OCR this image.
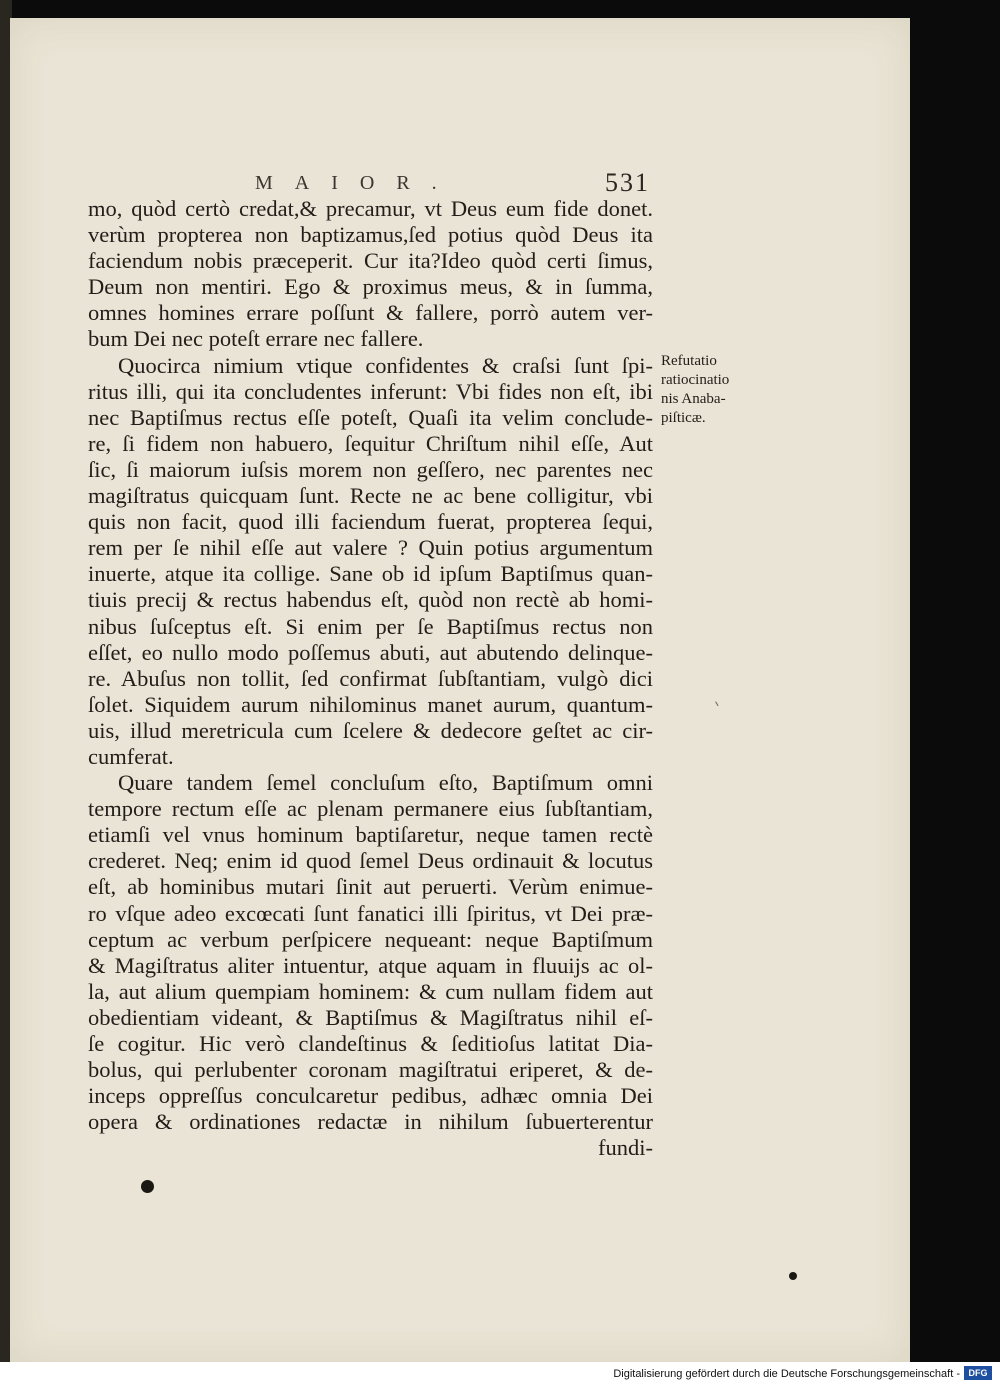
MAIOR.	531
mo, quòd certò credat,& precamur, vt Deus eum fide donet.
verùm propterea non baptizamus,ſed potius quòd Deus ita
faciendum nobis præceperit. Cur ita?Ideo quòd certi ſimus,
Deum non mentiri. Ego & proximus meus, & in ſumma,
omnes homines errare poſſunt & fallere, porrò autem ver-
bum Dei nec poteſt errare nec fallere.
Quocirca nimium vtique confidentes & craſsi ſunt ſpi-
ritus illi, qui ita concludentes inferunt: Vbi fides non eſt, ibi
nec Baptiſmus rectus eſſe poteſt, Quaſi ita velim conclude-
re, ſi fidem non habuero, ſequitur Chriſtum nihil eſſe, Aut
ſic, ſi maiorum iuſsis morem non geſſero, nec parentes nec
magiſtratus quicquam ſunt. Recte ne ac bene colligitur, vbi
quis non facit, quod illi faciendum fuerat, propterea ſequi,
rem per ſe nihil eſſe aut valere ? Quin potius argumentum
inuerte, atque ita collige. Sane ob id ipſum Baptiſmus quan-
tiuis precij & rectus habendus eſt, quòd non rectè ab homi-
nibus ſuſceptus eſt. Si enim per ſe Baptiſmus rectus non
eſſet, eo nullo modo poſſemus abuti, aut abutendo delinque-
re. Abuſus non tollit, ſed confirmat ſubſtantiam, vulgò dici
ſolet. Siquidem aurum nihilominus manet aurum, quantum-
uis, illud meretricula cum ſcelere & dedecore geſtet ac cir-
cumferat.
Quare tandem ſemel concluſum eſto, Baptiſmum omni
tempore rectum eſſe ac plenam permanere eius ſubſtantiam,
etiamſi vel vnus hominum baptiſaretur, neque tamen rectè
crederet. Neq; enim id quod ſemel Deus ordinauit & locutus
eſt, ab hominibus mutari ſinit aut peruerti. Verùm enimue-
ro vſque adeo excœcati ſunt fanatici illi ſpiritus, vt Dei præ-
ceptum ac verbum perſpicere nequeant: neque Baptiſmum
& Magiſtratus aliter intuentur, atque aquam in fluuijs ac ol-
la, aut alium quempiam hominem: & cum nullam fidem aut
obedientiam videant, & Baptiſmus & Magiſtratus nihil eſ-
ſe cogitur. Hic verò clandeſtinus & ſeditioſus latitat Dia-
bolus, qui perlubenter coronam magiſtratui eriperet, & de-
inceps oppreſſus conculcaretur pedibus, adhæc omnia Dei
opera & ordinationes redactæ in nihilum ſubuerterentur
fundi-
Refutatio
ratiocinatio
nis Anaba-
piſticæ.
Digitalisierung gefördert durch die Deutsche Forschungsgemeinschaft - DFG
